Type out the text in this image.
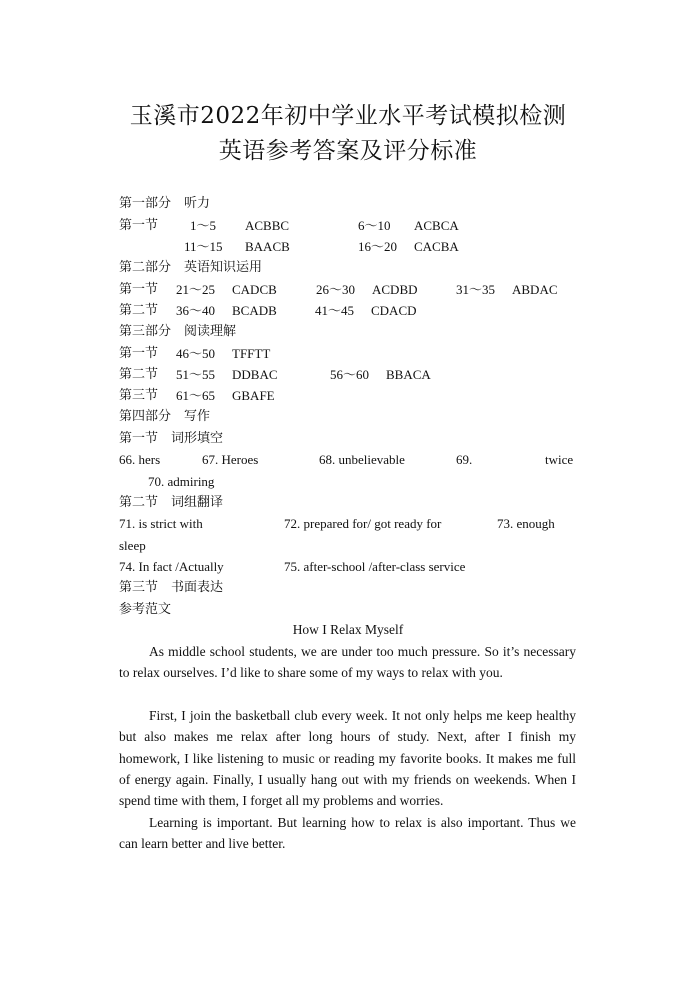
玉溪市2022年初中学业水平考试模拟检测
英语参考答案及评分标准
第一部分　听力
第一节 1～5 ACBBC	6～10 ACBCA
11～15 BAACB	16～20 CACBA
第二部分　英语知识运用
第一节 21～25 CADCB	26～30 ACDBD	31～35 ABDAC
第二节 36～40 BCADB	41～45 CDACD
第三部分　阅读理解
第一节 46～50 TFFTT
第二节 51～55 DDBAC	56～60 BBACA
第三节 61～65 GBAFE
第四部分　写作
第一节　词形填空
66. hers	67. Heroes	68. unbelievable	69.	twice
70. admiring
第二节　词组翻译
71. is strict with	72. prepared for/ got ready for	73. enough
sleep
74. In fact /Actually	75. after-school /after-class service
第三节　书面表达
参考范文
How I Relax Myself
As middle school students, we are under too much pressure. So it’s necessary to relax ourselves. I’d like to share some of my ways to relax with you.
First, I join the basketball club every week. It not only helps me keep healthy but also makes me relax after long hours of study. Next, after I finish my homework, I like listening to music or reading my favorite books. It makes me full of energy again. Finally, I usually hang out with my friends on weekends. When I spend time with them, I forget all my problems and worries.
Learning is important. But learning how to relax is also important. Thus we can learn better and live better.
